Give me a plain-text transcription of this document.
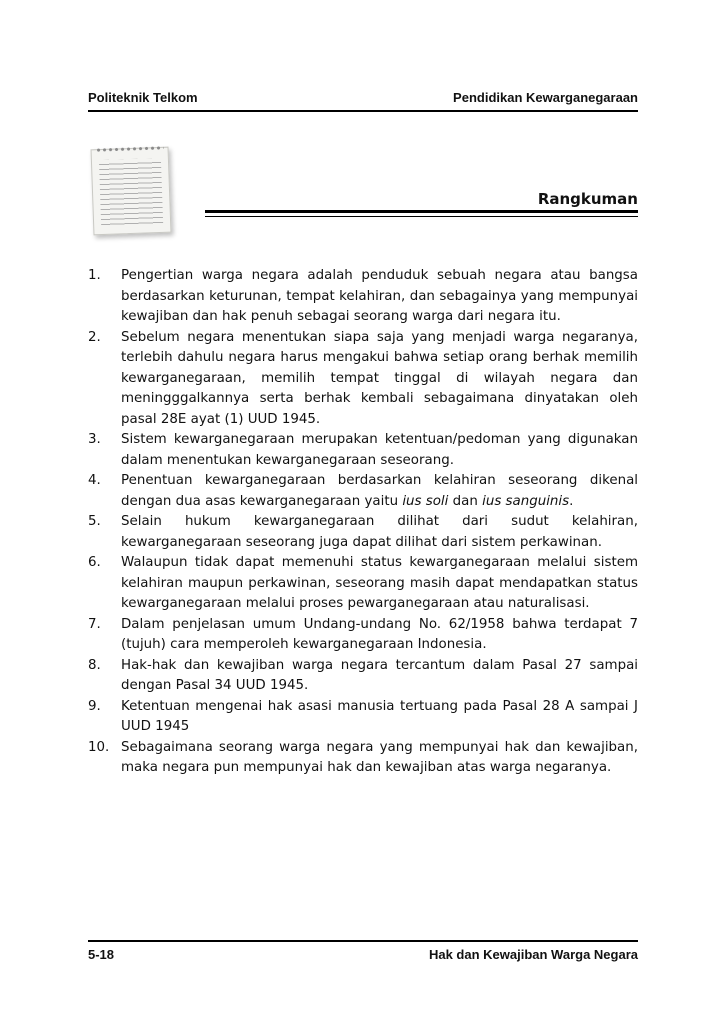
Politeknik Telkom	Pendidikan Kewarganegaraan
Rangkuman
1. Pengertian warga negara adalah penduduk sebuah negara atau bangsa berdasarkan keturunan, tempat kelahiran, dan sebagainya yang mempunyai kewajiban dan hak penuh sebagai seorang warga dari negara itu.
2. Sebelum negara menentukan siapa saja yang menjadi warga negaranya, terlebih dahulu negara harus mengakui bahwa setiap orang berhak memilih kewarganegaraan, memilih tempat tinggal di wilayah negara dan meningggalkannya serta berhak kembali sebagaimana dinyatakan oleh pasal 28E ayat (1) UUD 1945.
3. Sistem kewarganegaraan merupakan ketentuan/pedoman yang digunakan dalam menentukan kewarganegaraan seseorang.
4. Penentuan kewarganegaraan berdasarkan kelahiran seseorang dikenal dengan dua asas kewarganegaraan yaitu ius soli dan ius sanguinis.
5. Selain hukum kewarganegaraan dilihat dari sudut kelahiran, kewarganegaraan seseorang juga dapat dilihat dari sistem perkawinan.
6. Walaupun tidak dapat memenuhi status kewarganegaraan melalui sistem kelahiran maupun perkawinan, seseorang masih dapat mendapatkan status kewarganegaraan melalui proses pewarganegaraan atau naturalisasi.
7. Dalam penjelasan umum Undang-undang No. 62/1958 bahwa terdapat 7 (tujuh) cara memperoleh kewarganegaraan Indonesia.
8. Hak-hak dan kewajiban warga negara tercantum dalam Pasal 27 sampai dengan Pasal 34 UUD 1945.
9. Ketentuan mengenai hak asasi manusia tertuang pada Pasal 28 A sampai J UUD 1945
10. Sebagaimana seorang warga negara yang mempunyai hak dan kewajiban, maka negara pun mempunyai hak dan kewajiban atas warga negaranya.
5-18	Hak dan Kewajiban Warga Negara
